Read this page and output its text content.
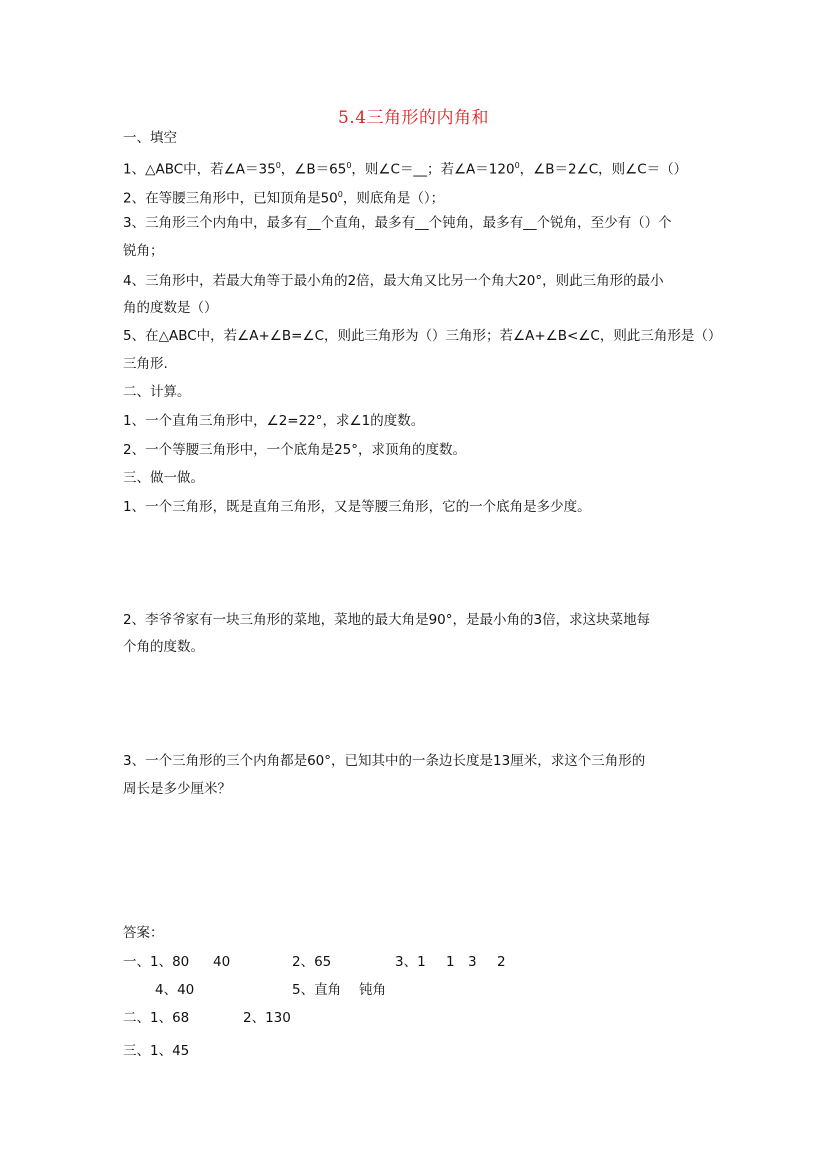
5.4三角形的内角和
一、填空
1、△ABC中，若$\angle A=35^0$，$\angle B=65^0$，则∠C＝__；若$\angle A=120^0$，∠B＝2∠C，则∠C＝（）
2、在等腰三角形中，已知顶角是$50^0$，则底角是（）；
3、三角形三个内角中，最多有__个直角，最多有__个钝角，最多有__个锐角，至少有（）个
锐角；
4、三角形中，若最大角等于最小角的2倍，最大角又比另一个角大20°，则此三角形的最小
角的度数是（）
5、在△ABC中，若∠A+∠B=∠C，则此三角形为（）三角形；若∠A+∠B<∠C，则此三角形是（）
三角形.
二、计算。
1、一个直角三角形中，∠2=22°，求∠1的度数。
2、一个等腰三角形中，一个底角是25°，求顶角的度数。
三、做一做。
1、一个三角形，既是直角三角形，又是等腰三角形，它的一个底角是多少度。
2、李爷爷家有一块三角形的菜地，菜地的最大角是90°，是最小角的3倍，求这块菜地每
个角的度数。
3、一个三角形的三个内角都是60°，已知其中的一条边长度是13厘米，求这个三角形的
周长是多少厘米？
答案：
一、1、80 40	2、65	3、1 1 3 2
4、40	5、直角 钝角
二、1、68	2、130
三、1、45
